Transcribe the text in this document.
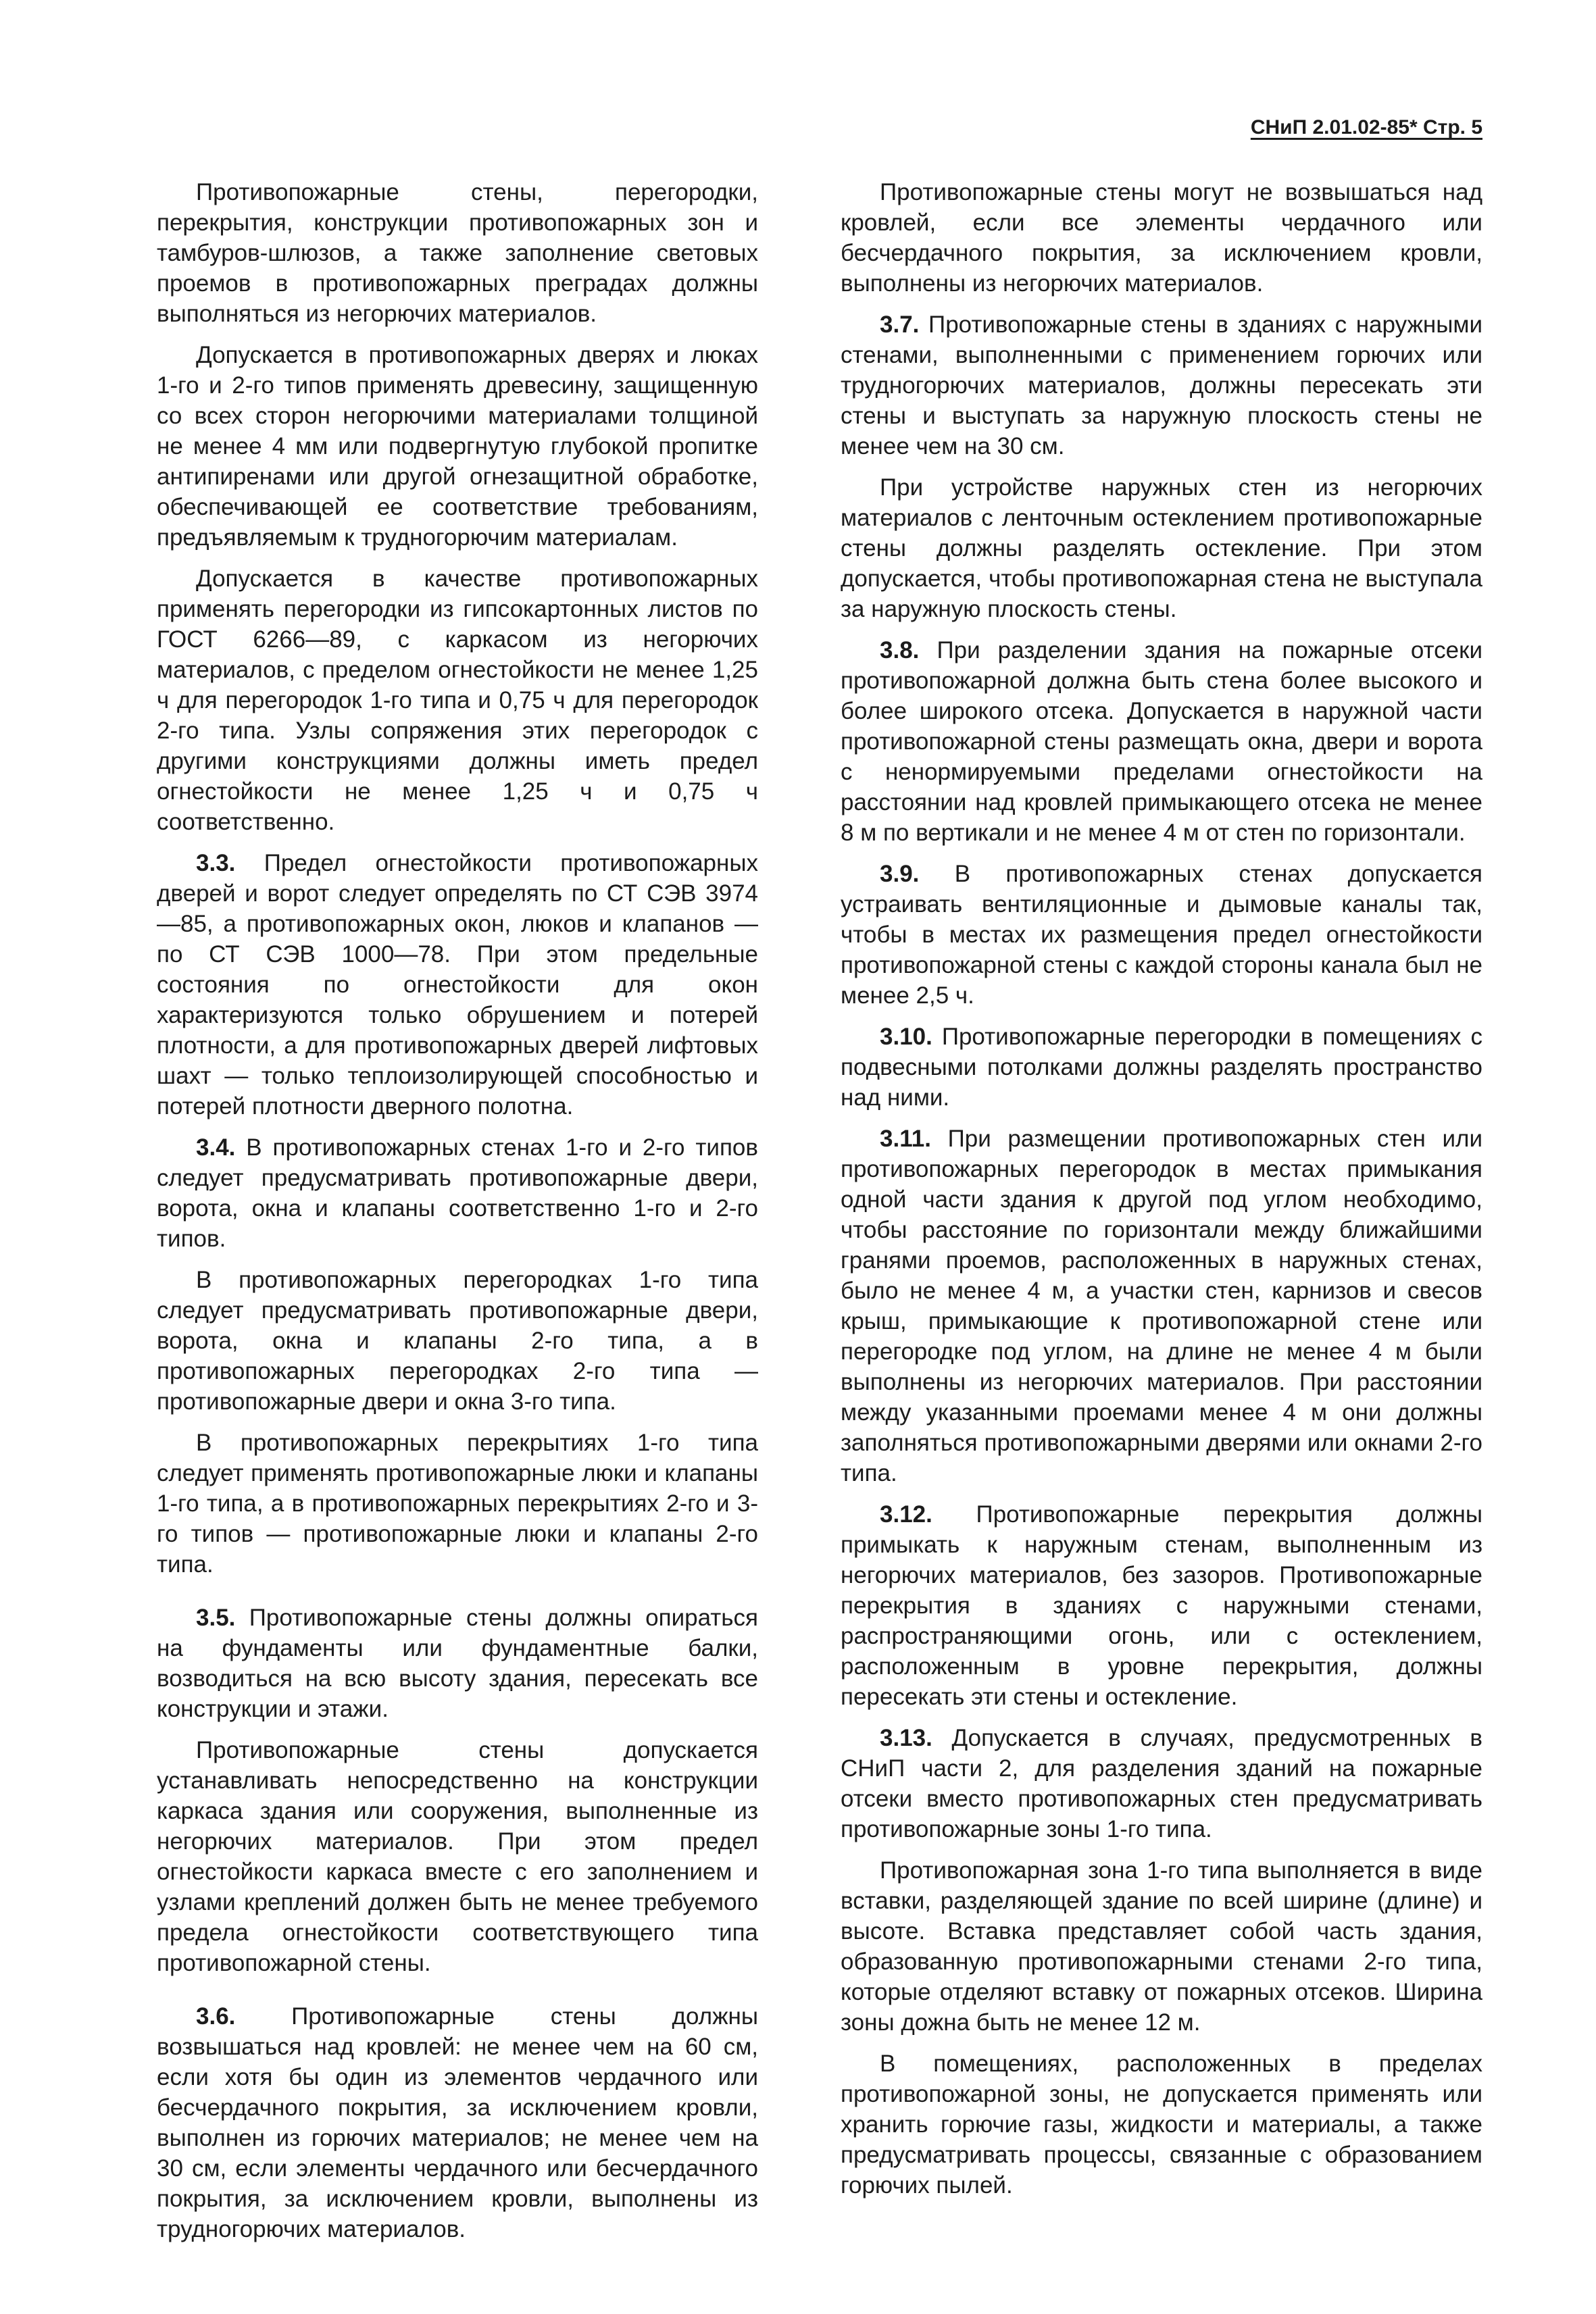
СНиП 2.01.02-85* Стр. 5

Противопожарные стены, перегородки, перекрытия, конструкции противопожарных зон и тамбуров-шлюзов, а также заполнение световых проемов в противопожарных преградах должны выполняться из негорючих материалов.

Допускается в противопожарных дверях и люках 1-го и 2-го типов применять древесину, защищенную со всех сторон негорючими материалами толщиной не менее 4 мм или подвергнутую глубокой пропитке антипиренами или другой огнезащитной обработке, обеспечивающей ее соответствие требованиям, предъявляемым к трудногорючим материалам.

Допускается в качестве противопожарных применять перегородки из гипсокартонных листов по ГОСТ 6266—89, с каркасом из негорючих материалов, с пределом огнестойкости не менее 1,25 ч для перегородок 1-го типа и 0,75 ч для перегородок 2-го типа. Узлы сопряжения этих перегородок с другими конструкциями должны иметь предел огнестойкости не менее 1,25 ч и 0,75 ч соответственно.

3.3. Предел огнестойкости противопожарных дверей и ворот следует определять по СТ СЭВ 3974—85, а противопожарных окон, люков и клапанов — по СТ СЭВ 1000—78. При этом предельные состояния по огнестойкости для окон характеризуются только обрушением и потерей плотности, а для противопожарных дверей лифтовых шахт — только теплоизолирующей способностью и потерей плотности дверного полотна.

3.4. В противопожарных стенах 1-го и 2-го типов следует предусматривать противопожарные двери, ворота, окна и клапаны соответственно 1-го и 2-го типов.

В противопожарных перегородках 1-го типа следует предусматривать противопожарные двери, ворота, окна и клапаны 2-го типа, а в противопожарных перегородках 2-го типа — противопожарные двери и окна 3-го типа.

В противопожарных перекрытиях 1-го типа следует применять противопожарные люки и клапаны 1-го типа, а в противопожарных перекрытиях 2-го и 3-го типов — противопожарные люки и клапаны 2-го типа.

3.5. Противопожарные стены должны опираться на фундаменты или фундаментные балки, возводиться на всю высоту здания, пересекать все конструкции и этажи.

Противопожарные стены допускается устанавливать непосредственно на конструкции каркаса здания или сооружения, выполненные из негорючих материалов. При этом предел огнестойкости каркаса вместе с его заполнением и узлами креплений должен быть не менее требуемого предела огнестойкости соответствующего типа противопожарной стены.

3.6. Противопожарные стены должны возвышаться над кровлей: не менее чем на 60 см, если хотя бы один из элементов чердачного или бесчердачного покрытия, за исключением кровли, выполнен из горючих материалов; не менее чем на 30 см, если элементы чердачного или бесчердачного покрытия, за исключением кровли, выполнены из трудногорючих материалов.

Противопожарные стены могут не возвышаться над кровлей, если все элементы чердачного или бесчердачного покрытия, за исключением кровли, выполнены из негорючих материалов.

3.7. Противопожарные стены в зданиях с наружными стенами, выполненными с применением горючих или трудногорючих материалов, должны пересекать эти стены и выступать за наружную плоскость стены не менее чем на 30 см.

При устройстве наружных стен из негорючих материалов с ленточным остеклением противопожарные стены должны разделять остекление. При этом допускается, чтобы противопожарная стена не выступала за наружную плоскость стены.

3.8. При разделении здания на пожарные отсеки противопожарной должна быть стена более высокого и более широкого отсека. Допускается в наружной части противопожарной стены размещать окна, двери и ворота с ненормируемыми пределами огнестойкости на расстоянии над кровлей примыкающего отсека не менее 8 м по вертикали и не менее 4 м от стен по горизонтали.

3.9. В противопожарных стенах допускается устраивать вентиляционные и дымовые каналы так, чтобы в местах их размещения предел огнестойкости противопожарной стены с каждой стороны канала был не менее 2,5 ч.

3.10. Противопожарные перегородки в помещениях с подвесными потолками должны разделять пространство над ними.

3.11. При размещении противопожарных стен или противопожарных перегородок в местах примыкания одной части здания к другой под углом необходимо, чтобы расстояние по горизонтали между ближайшими гранями проемов, расположенных в наружных стенах, было не менее 4 м, а участки стен, карнизов и свесов крыш, примыкающие к противопожарной стене или перегородке под углом, на длине не менее 4 м были выполнены из негорючих материалов. При расстоянии между указанными проемами менее 4 м они должны заполняться противопожарными дверями или окнами 2-го типа.

3.12. Противопожарные перекрытия должны примыкать к наружным стенам, выполненным из негорючих материалов, без зазоров. Противопожарные перекрытия в зданиях с наружными стенами, распространяющими огонь, или с остеклением, расположенным в уровне перекрытия, должны пересекать эти стены и остекление.

3.13. Допускается в случаях, предусмотренных в СНиП части 2, для разделения зданий на пожарные отсеки вместо противопожарных стен предусматривать противопожарные зоны 1-го типа.

Противопожарная зона 1-го типа выполняется в виде вставки, разделяющей здание по всей ширине (длине) и высоте. Вставка представляет собой часть здания, образованную противопожарными стенами 2-го типа, которые отделяют вставку от пожарных отсеков. Ширина зоны дожна быть не менее 12 м.

В помещениях, расположенных в пределах противопожарной зоны, не допускается применять или хранить горючие газы, жидкости и материалы, а также предусматривать процессы, связанные с образованием горючих пылей.
